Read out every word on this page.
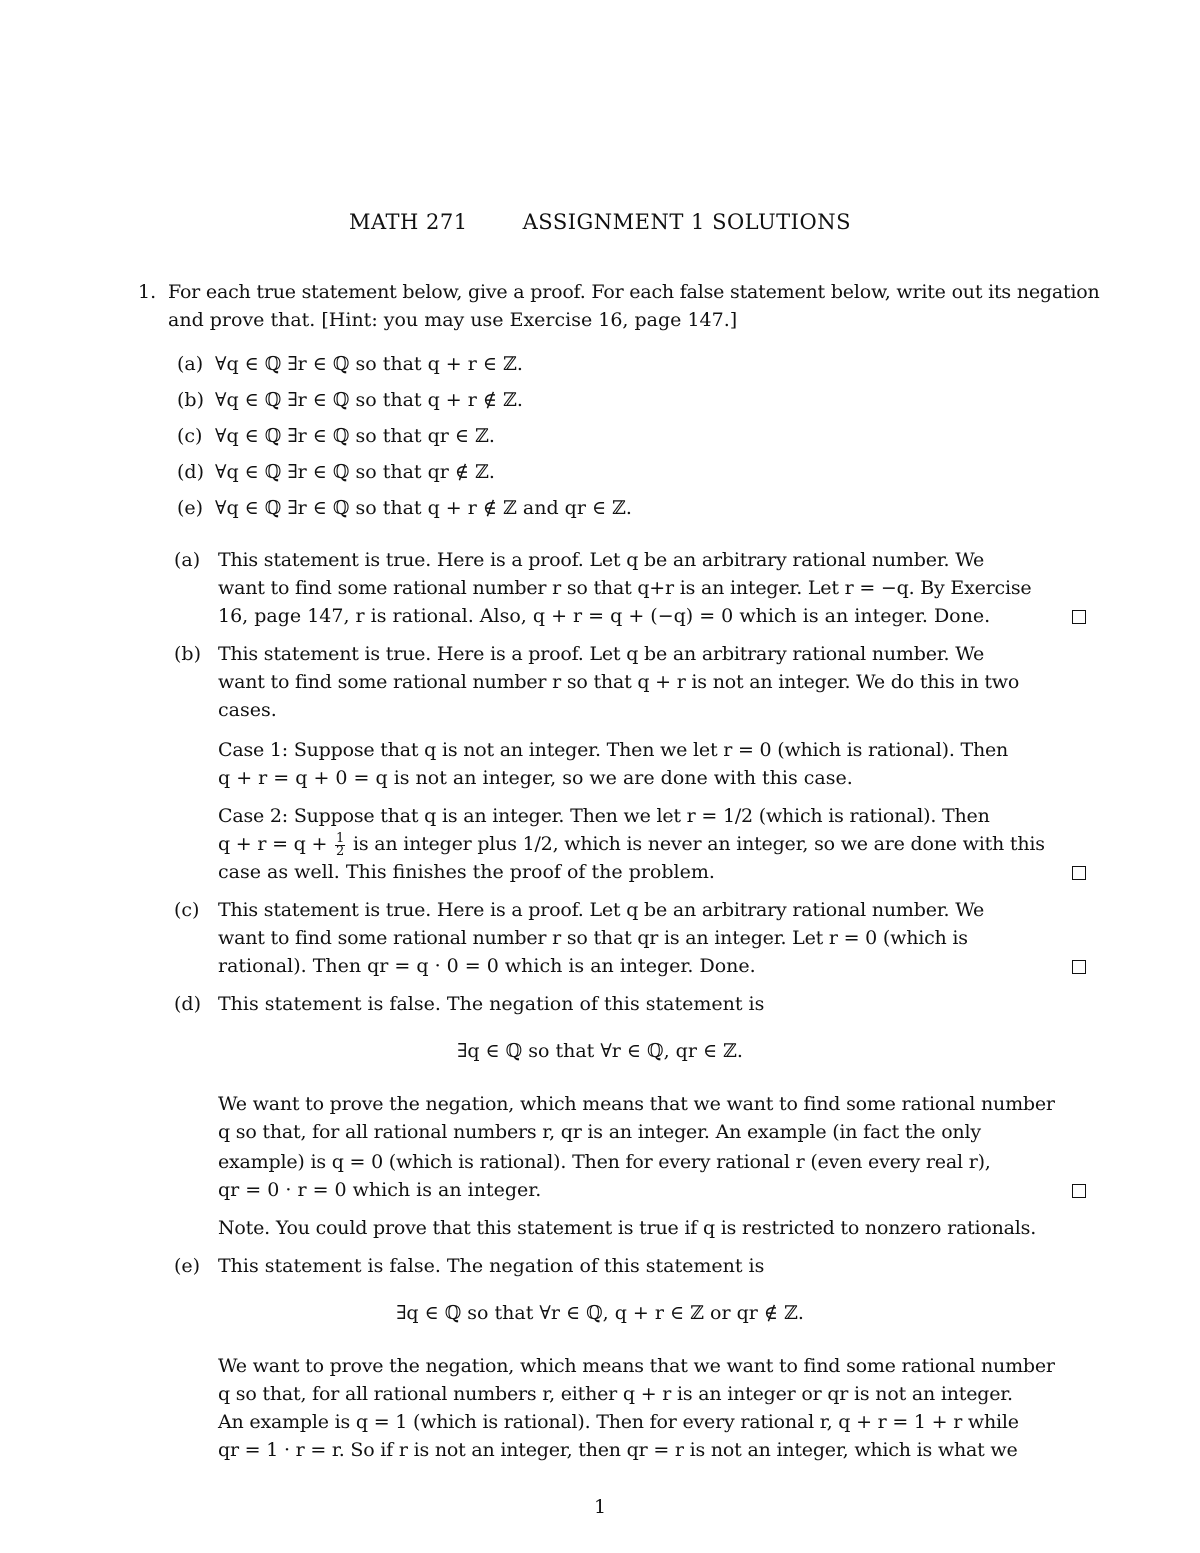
MATH 271	ASSIGNMENT 1 SOLUTIONS
1. For each true statement below, give a proof. For each false statement below, write out its negation
and prove that. [Hint: you may use Exercise 16, page 147.]
(a) ∀q ∈ ℚ ∃r ∈ ℚ so that q + r ∈ ℤ.
(b) ∀q ∈ ℚ ∃r ∈ ℚ so that q + r ∉ ℤ.
(c) ∀q ∈ ℚ ∃r ∈ ℚ so that qr ∈ ℤ.
(d) ∀q ∈ ℚ ∃r ∈ ℚ so that qr ∉ ℤ.
(e) ∀q ∈ ℚ ∃r ∈ ℚ so that q + r ∉ ℤ and qr ∈ ℤ.
(a) This statement is true. Here is a proof. Let q be an arbitrary rational number. We
want to find some rational number r so that q+r is an integer. Let r = −q. By Exercise
16, page 147, r is rational. Also, q + r = q + (−q) = 0 which is an integer. Done.
(b) This statement is true. Here is a proof. Let q be an arbitrary rational number. We
want to find some rational number r so that q + r is not an integer. We do this in two
cases.
Case 1: Suppose that q is not an integer. Then we let r = 0 (which is rational). Then
q + r = q + 0 = q is not an integer, so we are done with this case.
Case 2: Suppose that q is an integer. Then we let r = 1/2 (which is rational). Then
$q + r = q + \frac{1}{2}$ is an integer plus 1/2, which is never an integer, so we are done with this
case as well. This finishes the proof of the problem.
(c) This statement is true. Here is a proof. Let q be an arbitrary rational number. We
want to find some rational number r so that qr is an integer. Let r = 0 (which is
rational). Then qr = q · 0 = 0 which is an integer. Done.
(d) This statement is false. The negation of this statement is
∃q ∈ ℚ so that ∀r ∈ ℚ, qr ∈ ℤ.
We want to prove the negation, which means that we want to find some rational number
q so that, for all rational numbers r, qr is an integer. An example (in fact the only
example) is q = 0 (which is rational). Then for every rational r (even every real r),
qr = 0 · r = 0 which is an integer.
Note. You could prove that this statement is true if q is restricted to nonzero rationals.
(e) This statement is false. The negation of this statement is
∃q ∈ ℚ so that ∀r ∈ ℚ, q + r ∈ ℤ or qr ∉ ℤ.
We want to prove the negation, which means that we want to find some rational number
q so that, for all rational numbers r, either q + r is an integer or qr is not an integer.
An example is q = 1 (which is rational). Then for every rational r, q + r = 1 + r while
qr = 1 · r = r. So if r is not an integer, then qr = r is not an integer, which is what we
1
